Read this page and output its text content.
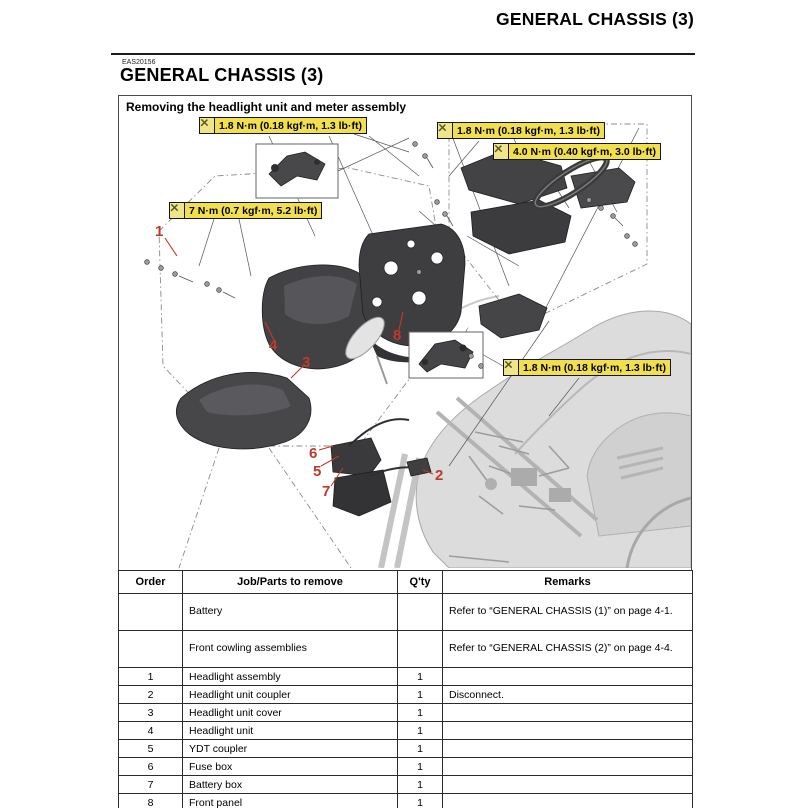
GENERAL CHASSIS (3)
EAS20156
GENERAL CHASSIS (3)
Removing the headlight unit and meter assembly
1.8 N·m (0.18 kgf·m, 1.3 lb·ft)	1.8 N·m (0.18 kgf·m, 1.3 lb·ft)
4.0 N·m (0.40 kgf·m, 3.0 lb·ft)
7 N·m (0.7 kgf·m, 5.2 lb·ft)
1.8 N·m (0.18 kgf·m, 1.3 lb·ft)
1
2
3
4
5
6
7
8
Order	Job/Parts to remove	Q'ty	Remarks
	Battery		Refer to “GENERAL CHASSIS (1)” on page 4-1.
	Front cowling assemblies		Refer to “GENERAL CHASSIS (2)” on page 4-4.
1	Headlight assembly	1	
2	Headlight unit coupler	1	Disconnect.
3	Headlight unit cover	1	
4	Headlight unit	1	
5	YDT coupler	1	
6	Fuse box	1	
7	Battery box	1	
8	Front panel	1	
